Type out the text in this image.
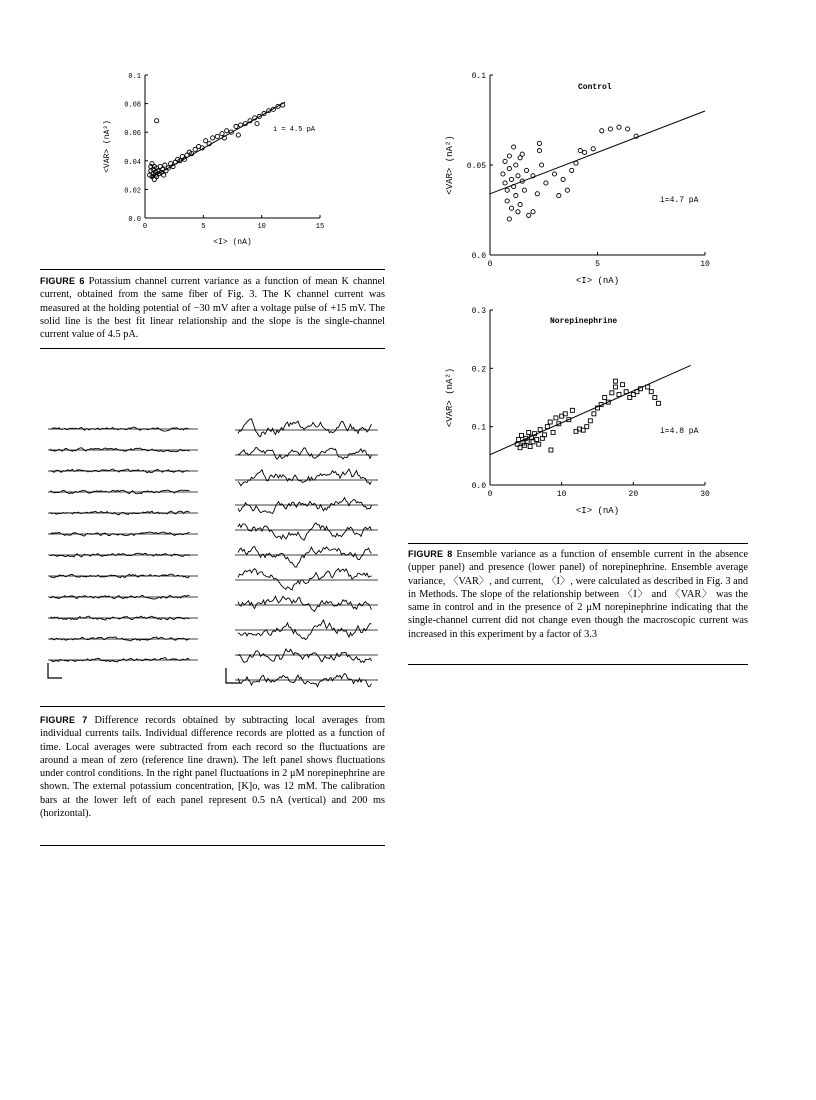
0.0
0.02
0.04
0.06
0.08
0.1
0	5	10	15
<I> (nA)
<VAR> (nA²)	i = 4.5 pA
FIGURE 6 Potassium channel current variance as a function of mean K channel current, obtained from the same fiber of Fig. 3. The K channel current was measured at the holding potential of −30 mV after a voltage pulse of +15 mV. The solid line is the best fit linear relationship and the slope is the single-channel current value of 4.5 pA.
FIGURE 7 Difference records obtained by subtracting local averages from individual currents tails. Individual difference records are plotted as a function of time. Local averages were subtracted from each record so the fluctuations are around a mean of zero (reference line drawn). The left panel shows fluctuations under control conditions. In the right panel fluctuations in 2 μM norepinephrine are shown. The external potassium concentration, [K]o, was 12 mM. The calibration bars at the lower left of each panel represent 0.5 nA (vertical) and 200 ms (horizontal).
0.0
0.05
0.1
0	5	10
<I> (nA)
<VAR> (nA²)
Control
i=4.7 pA
0.0
0.1
0.2
0.3
0	10	20	30
<I> (nA)
<VAR> (nA²)
Norepinephrine
i=4.8 pA
FIGURE 8 Ensemble variance as a function of ensemble current in the absence (upper panel) and presence (lower panel) of norepinephrine. Ensemble average variance, 〈VAR〉, and current, 〈I〉, were calculated as described in Fig. 3 and in Methods. The slope of the relationship between 〈I〉 and 〈VAR〉 was the same in control and in the presence of 2 μM norepinephrine indicating that the single-channel current did not change even though the macroscopic current was increased in this experiment by a factor of 3.3
